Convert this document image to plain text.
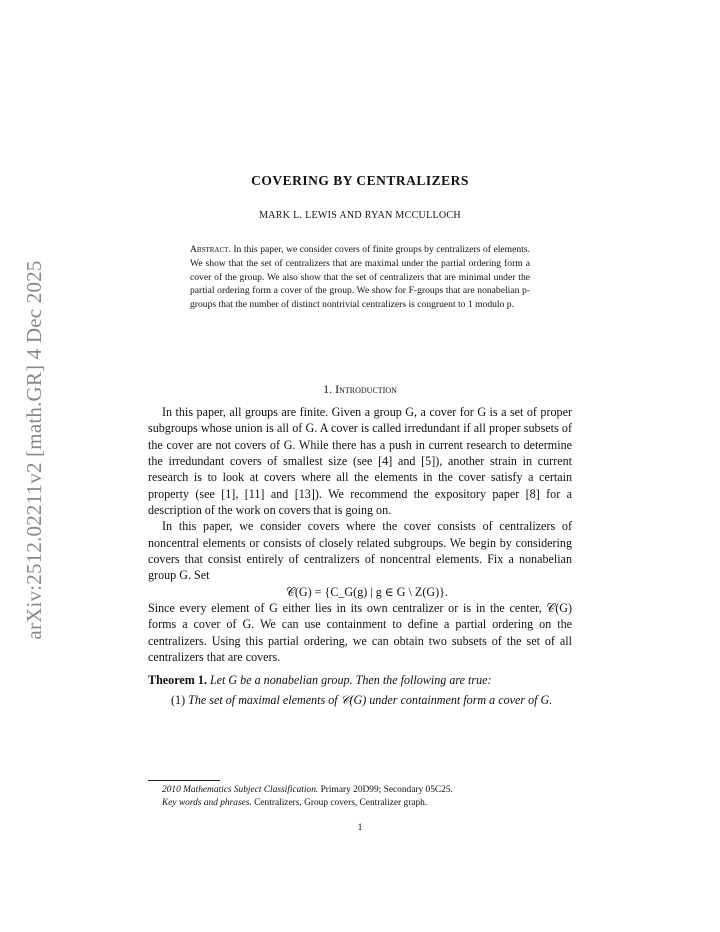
arXiv:2512.02211v2 [math.GR] 4 Dec 2025
COVERING BY CENTRALIZERS
MARK L. LEWIS AND RYAN MCCULLOCH
Abstract. In this paper, we consider covers of finite groups by centralizers of elements. We show that the set of centralizers that are maximal under the partial ordering form a cover of the group. We also show that the set of centralizers that are minimal under the partial ordering form a cover of the group. We show for F-groups that are nonabelian p-groups that the number of distinct nontrivial centralizers is congruent to 1 modulo p.
1. Introduction

In this paper, all groups are finite. Given a group G, a cover for G is a set of proper subgroups whose union is all of G. A cover is called irredundant if all proper subsets of the cover are not covers of G. While there has a push in current research to determine the irredundant covers of smallest size (see [4] and [5]), another strain in current research is to look at covers where all the elements in the cover satisfy a certain property (see [1], [11] and [13]). We recommend the expository paper [8] for a description of the work on covers that is going on.

In this paper, we consider covers where the cover consists of centralizers of noncentral elements or consists of closely related subgroups. We begin by considering covers that consist entirely of centralizers of noncentral elements. Fix a nonabelian group G. Set

𝒞(G) = {C_G(g) | g ∈ G \ Z(G)}.

Since every element of G either lies in its own centralizer or is in the center, 𝒞(G) forms a cover of G. We can use containment to define a partial ordering on the centralizers. Using this partial ordering, we can obtain two subsets of the set of all centralizers that are covers.

Theorem 1. Let G be a nonabelian group. Then the following are true:

(1) The set of maximal elements of 𝒞(G) under containment form a cover of G.

2010 Mathematics Subject Classification. Primary 20D99; Secondary 05C25.
Key words and phrases. Centralizers, Group covers, Centralizer graph.
1
